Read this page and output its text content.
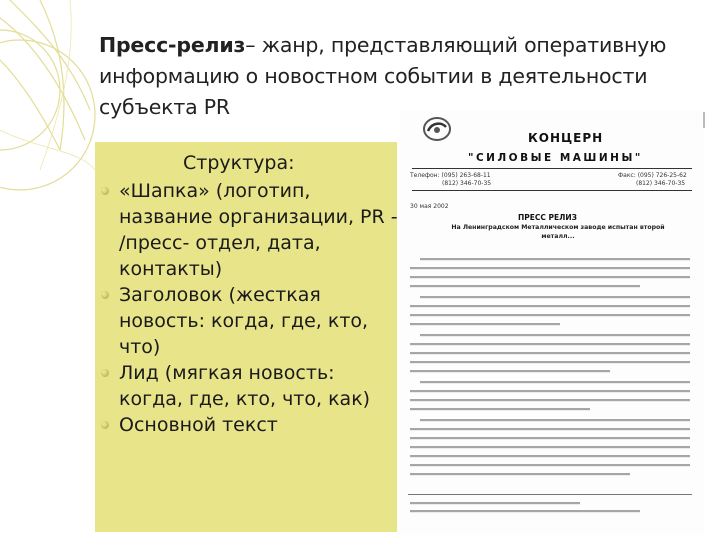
Пресс-релиз– жанр, представляющий оперативную
информацию о новостном событии в деятельности
субъекта PR
Структура:
«Шапка» (логотип, название организации, PR - /пресс- отдел, дата, контакты)
Заголовок (жесткая новость: когда, где, кто, что)
Лид (мягкая новость: когда, где, кто, что, как)
Основной текст
КОНЦЕРН
"СИЛОВЫЕ МАШИНЫ"
Телефон: (095) 263-68-11
(812) 346-70-35
Факс: (095) 726-25-62
(812) 346-70-35
30 мая 2002
ПРЕСС РЕЛИЗ
На Ленинградском Металлическом заводе испытан второй металл...
